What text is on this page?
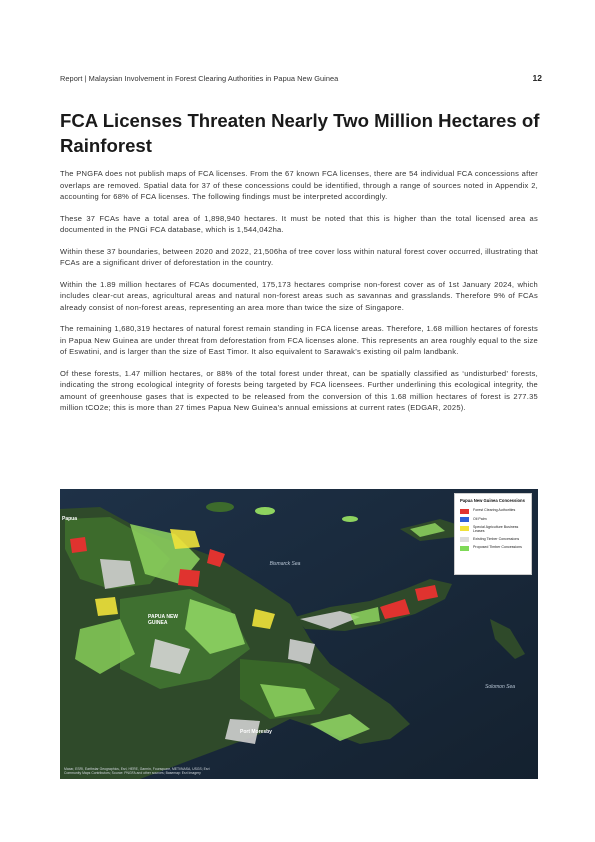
Report | Malaysian Involvement in Forest Clearing Authorities in Papua New Guinea	12
FCA Licenses Threaten Nearly Two Million Hectares of Rainforest

The PNGFA does not publish maps of FCA licenses. From the 67 known FCA licenses, there are 54 individual FCA concessions after overlaps are removed. Spatial data for 37 of these concessions could be identified, through a range of sources noted in Appendix 2, accounting for 68% of FCA licenses. The following findings must be interpreted accordingly.

These 37 FCAs have a total area of 1,898,940 hectares. It must be noted that this is higher than the total licensed area as documented in the PNGi FCA database, which is 1,544,042ha.

Within these 37 boundaries, between 2020 and 2022, 21,506ha of tree cover loss within natural forest cover occurred, illustrating that FCAs are a significant driver of deforestation in the country.

Within the 1.89 million hectares of FCAs documented, 175,173 hectares comprise non-forest cover as of 1st January 2024, which includes clear-cut areas, agricultural areas and natural non-forest areas such as savannas and grasslands. Therefore 9% of FCAs already consist of non-forest areas, representing an area more than twice the size of Singapore.

The remaining 1,680,319 hectares of natural forest remain standing in FCA license areas. Therefore, 1.68 million hectares of forests in Papua New Guinea are under threat from deforestation from FCA licenses alone. This represents an area roughly equal to the size of Eswatini, and is larger than the size of East Timor. It also equivalent to Sarawak’s existing oil palm landbank.

Of these forests, 1.47 million hectares, or 88% of the total forest under threat, can be spatially classified as ‘undisturbed’ forests, indicating the strong ecological integrity of forests being targeted by FCA licensees. Further underlining this ecological integrity, the amount of greenhouse gases that is expected to be released from the conversion of this 1.68 million hectares of forest is 277.35 million tCO2e; this is more than 27 times Papua New Guinea’s annual emissions at current rates (EDGAR, 2025).

Papua
PAPUA NEW GUINEA
Port Moresby
Bismarck Sea
Solomon Sea
Papua New Guinea Concessions
Forest Clearing Authorities
Oil Palm
Special Agriculture Business Leases
Existing Timber Concessions
Proposed Timber Concessions
Maxar, ESRI, Earthstar Geographics, Esri, HERE, Garmin, Foursquare, METI/NASA, USGS; Esri Community Maps Contributors; Source: PNGFA and other sources; Basemap: Esri Imagery
